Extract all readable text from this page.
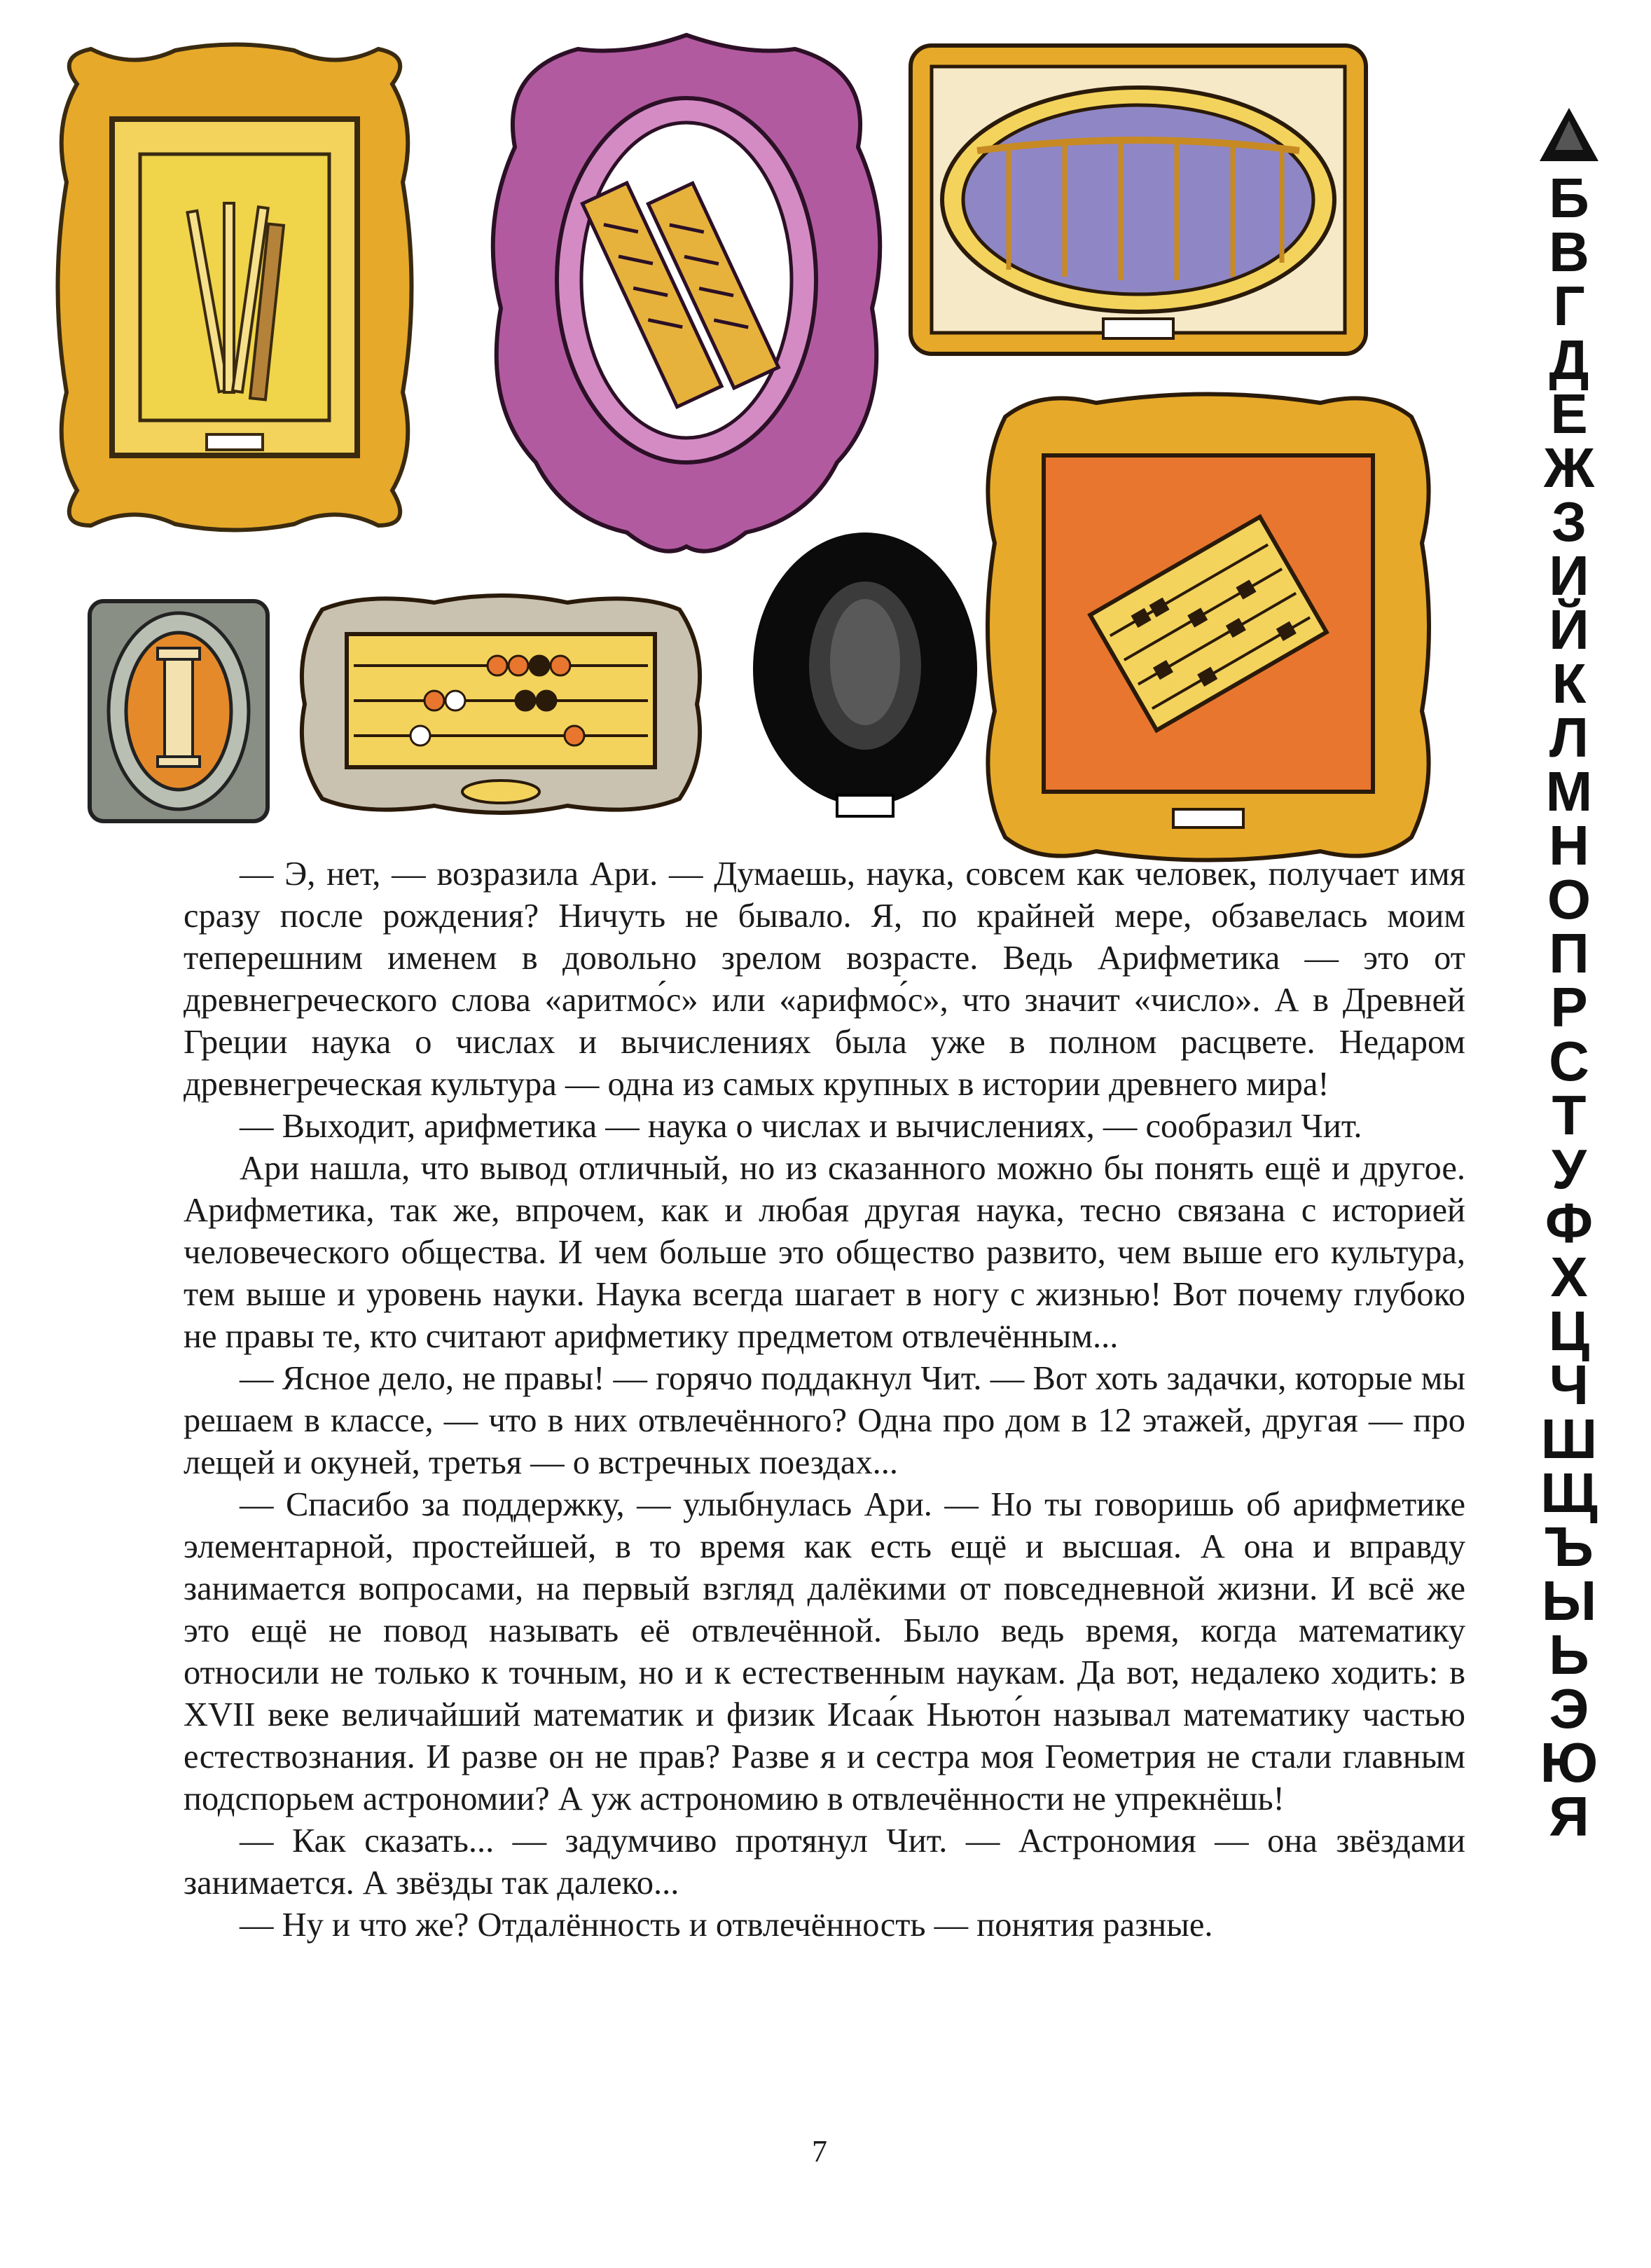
— Э, нет, — возразила Ари. — Думаешь, наука, совсем как человек, получает имя сразу после рождения? Ничуть не бывало. Я, по крайней мере, обзавелась моим теперешним именем в довольно зрелом возрасте. Ведь Арифметика — это от древнегреческого слова «аритмо́с» или «арифмо́с», что значит «число». А в Древней Греции наука о числах и вычислениях была уже в полном расцвете. Недаром древнегреческая культура — одна из самых крупных в истории древнего мира!

— Выходит, арифметика — наука о числах и вычислениях, — сообразил Чит.

Ари нашла, что вывод отличный, но из сказанного можно бы понять ещё и другое. Арифметика, так же, впрочем, как и любая другая наука, тесно связана с историей человеческого общества. И чем больше это общество развито, чем выше его культура, тем выше и уровень науки. Наука всегда шагает в ногу с жизнью! Вот почему глубоко не правы те, кто считают арифметику предметом отвлечённым...

— Ясное дело, не правы! — горячо поддакнул Чит. — Вот хоть задачки, которые мы решаем в классе, — что в них отвлечённого? Одна про дом в 12 этажей, другая — про лещей и окуней, третья — о встречных поездах...

— Спасибо за поддержку, — улыбнулась Ари. — Но ты говоришь об арифметике элементарной, простейшей, в то время как есть ещё и высшая. А она и вправду занимается вопросами, на первый взгляд далёкими от повседневной жизни. И всё же это ещё не повод называть её отвлечённой. Было ведь время, когда математику относили не только к точным, но и к естественным наукам. Да вот, недалеко ходить: в XVII веке величайший математик и физик Исаа́к Ньюто́н называл математику частью естествознания. И разве он не прав? Разве я и сестра моя Геометрия не стали главным подспорьем астрономии? А уж астрономию в отвлечённости не упрекнёшь!

— Как сказать... — задумчиво протянул Чит. — Астрономия — она звёздами занимается. А звёзды так далеко...

— Ну и что же? Отдалённость и отвлечённость — понятия разные.

7
Б
В
Г
Д
Е
Ж
З
И
Й
К
Л
М
Н
О
П
Р
С
Т
У
Ф
Х
Ц
Ч
Ш
Щ
Ъ
Ы
Ь
Э
Ю
Я
